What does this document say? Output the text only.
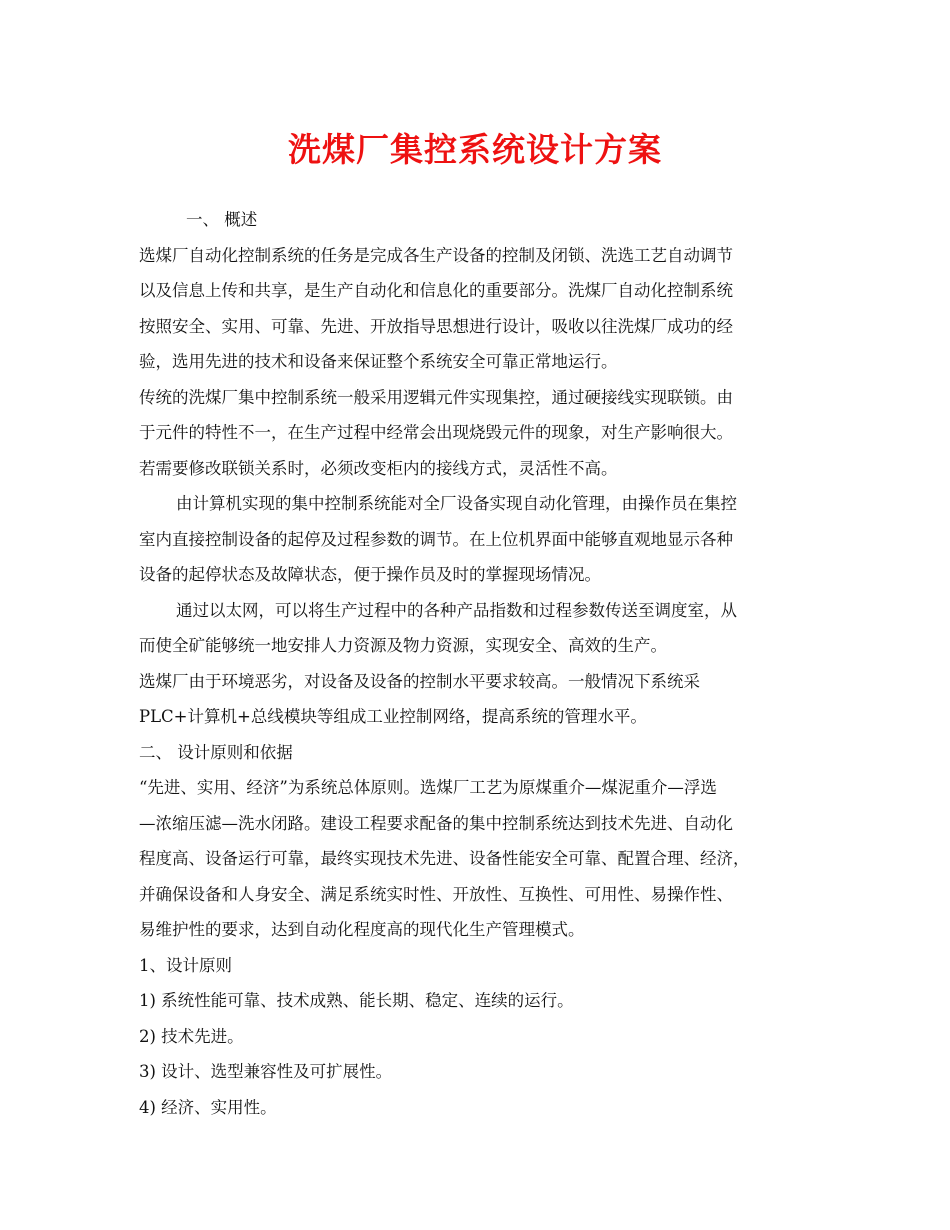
洗煤厂集控系统设计方案
一、 概述
选煤厂自动化控制系统的任务是完成各生产设备的控制及闭锁、洗选工艺自动调节
以及信息上传和共享，是生产自动化和信息化的重要部分。洗煤厂自动化控制系统
按照安全、实用、可靠、先进、开放指导思想进行设计，吸收以往洗煤厂成功的经
验，选用先进的技术和设备来保证整个系统安全可靠正常地运行。
传统的洗煤厂集中控制系统一般采用逻辑元件实现集控，通过硬接线实现联锁。由
于元件的特性不一，在生产过程中经常会出现烧毁元件的现象，对生产影响很大。
若需要修改联锁关系时，必须改变柜内的接线方式，灵活性不高。
由计算机实现的集中控制系统能对全厂设备实现自动化管理，由操作员在集控
室内直接控制设备的起停及过程参数的调节。在上位机界面中能够直观地显示各种
设备的起停状态及故障状态，便于操作员及时的掌握现场情况。
通过以太网，可以将生产过程中的各种产品指数和过程参数传送至调度室，从
而使全矿能够统一地安排人力资源及物力资源，实现安全、高效的生产。
选煤厂由于环境恶劣，对设备及设备的控制水平要求较高。一般情况下系统采
PLC+计算机+总线模块等组成工业控制网络，提高系统的管理水平。
二、 设计原则和依据
“先进、实用、经济”为系统总体原则。选煤厂工艺为原煤重介—煤泥重介—浮选
—浓缩压滤—洗水闭路。建设工程要求配备的集中控制系统达到技术先进、自动化
程度高、设备运行可靠，最终实现技术先进、设备性能安全可靠、配置合理、经济，
并确保设备和人身安全、满足系统实时性、开放性、互换性、可用性、易操作性、
易维护性的要求，达到自动化程度高的现代化生产管理模式。
1、设计原则
1) 系统性能可靠、技术成熟、能长期、稳定、连续的运行。
2) 技术先进。
3) 设计、选型兼容性及可扩展性。
4) 经济、实用性。
